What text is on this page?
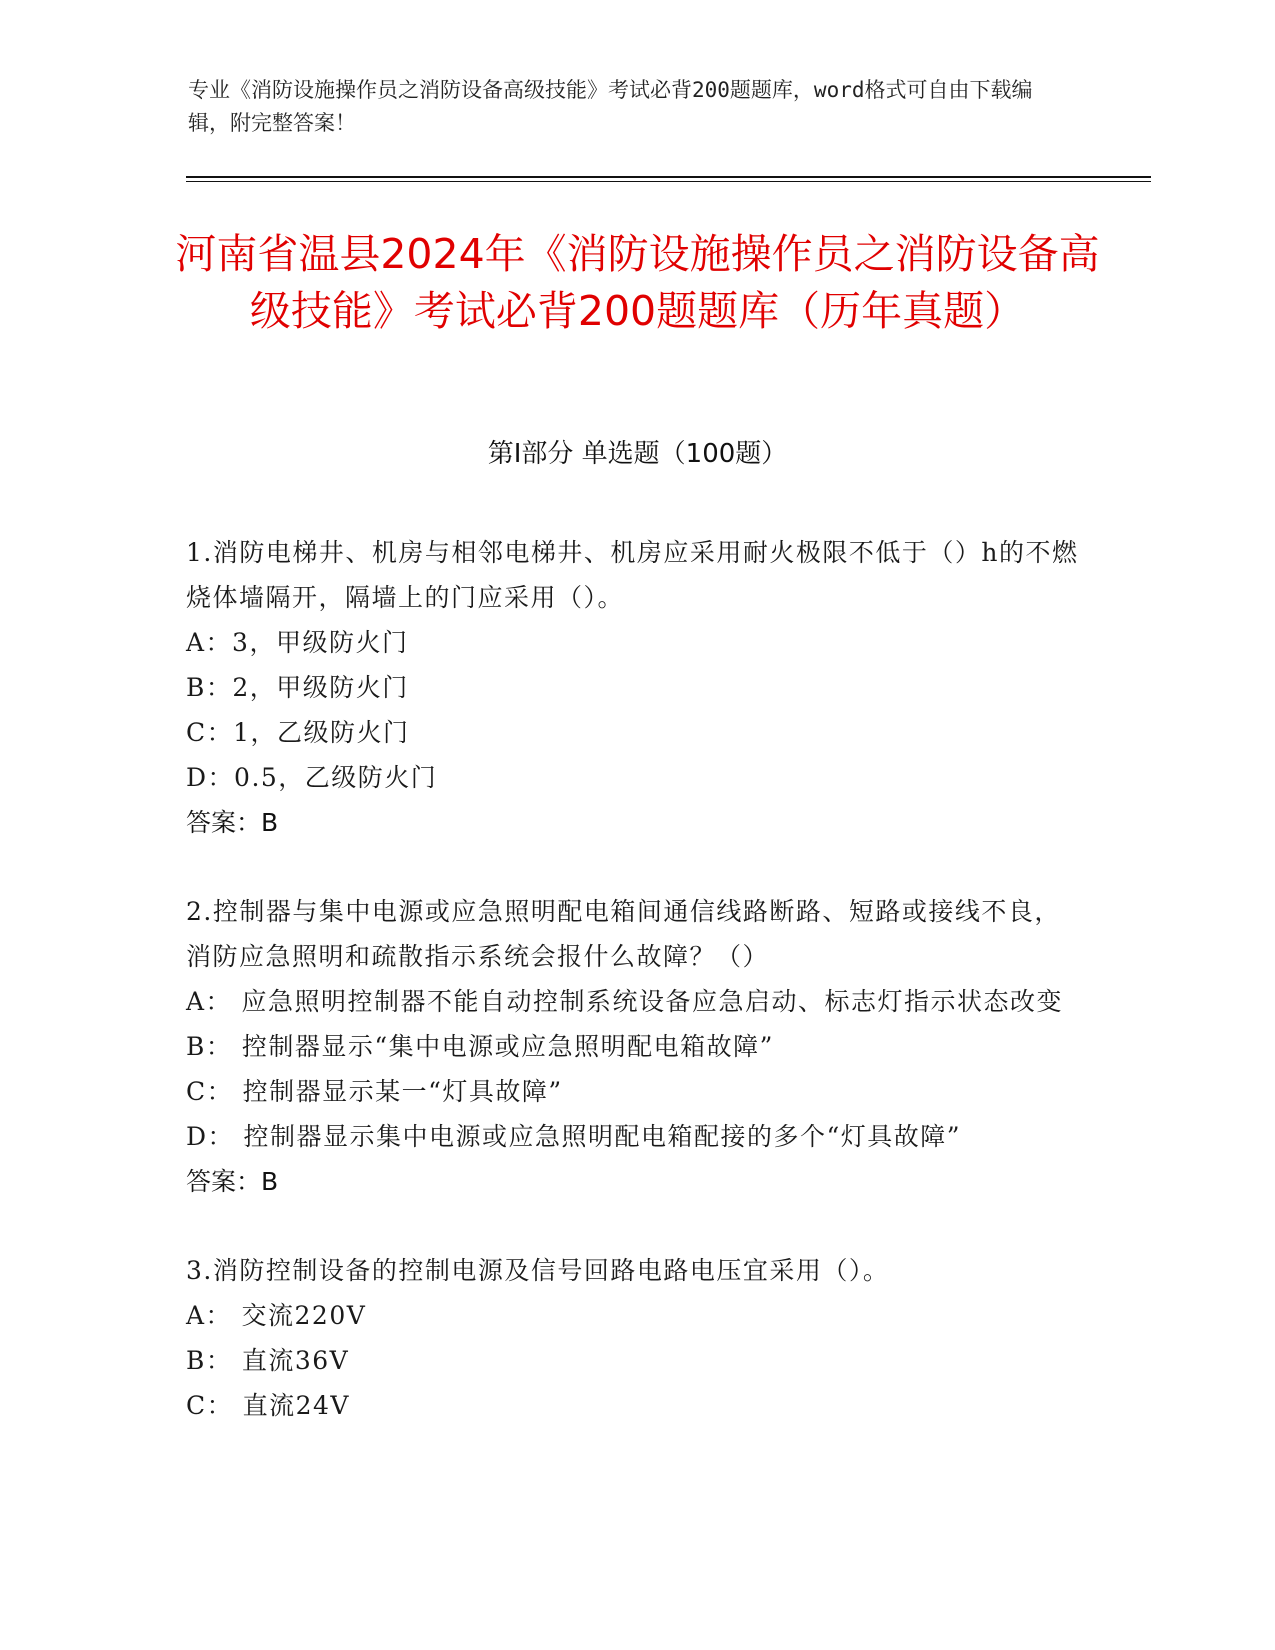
专业《消防设施操作员之消防设备高级技能》考试必背200题题库，word格式可自由下载编辑，附完整答案！
河南省温县2024年《消防设施操作员之消防设备高级技能》考试必背200题题库（历年真题）
第I部分 单选题（100题）
1.消防电梯井、机房与相邻电梯井、机房应采用耐火极限不低于（）h的不燃烧体墙隔开，隔墙上的门应采用（）。
A：3，甲级防火门
B：2，甲级防火门
C：1，乙级防火门
D：0.5，乙级防火门
答案：B
2.控制器与集中电源或应急照明配电箱间通信线路断路、短路或接线不良，消防应急照明和疏散指示系统会报什么故障？（）
A： 应急照明控制器不能自动控制系统设备应急启动、标志灯指示状态改变
B： 控制器显示“集中电源或应急照明配电箱故障”
C： 控制器显示某一“灯具故障”
D： 控制器显示集中电源或应急照明配电箱配接的多个“灯具故障”
答案：B
3.消防控制设备的控制电源及信号回路电路电压宜采用（）。
A： 交流220V
B： 直流36V
C： 直流24V
